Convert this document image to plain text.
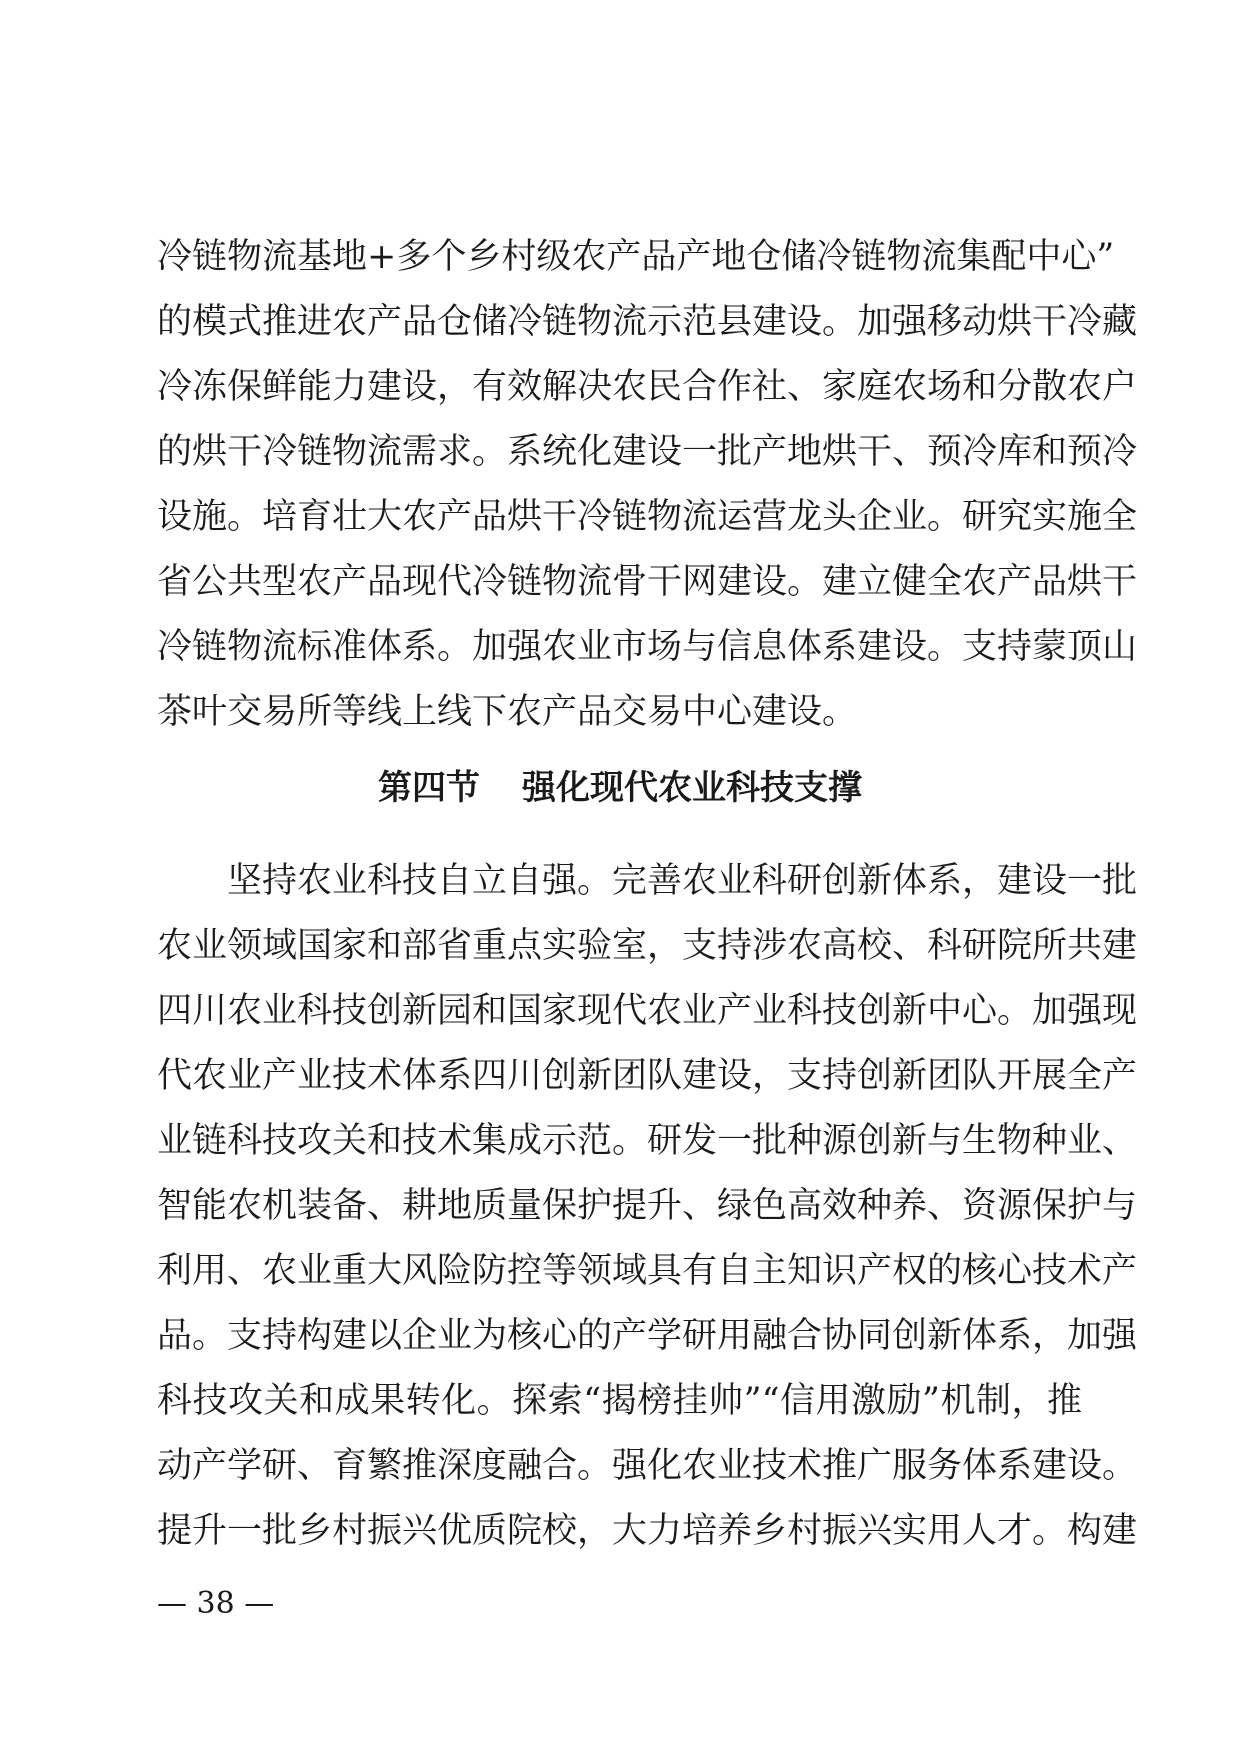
冷链物流基地+多个乡村级农产品产地仓储冷链物流集配中心”
的模式推进农产品仓储冷链物流示范县建设。加强移动烘干冷藏
冷冻保鲜能力建设，有效解决农民合作社、家庭农场和分散农户
的烘干冷链物流需求。系统化建设一批产地烘干、预冷库和预冷
设施。培育壮大农产品烘干冷链物流运营龙头企业。研究实施全
省公共型农产品现代冷链物流骨干网建设。建立健全农产品烘干
冷链物流标准体系。加强农业市场与信息体系建设。支持蒙顶山
茶叶交易所等线上线下农产品交易中心建设。
第四节 强化现代农业科技支撑
　　坚持农业科技自立自强。完善农业科研创新体系，建设一批
农业领域国家和部省重点实验室，支持涉农高校、科研院所共建
四川农业科技创新园和国家现代农业产业科技创新中心。加强现
代农业产业技术体系四川创新团队建设，支持创新团队开展全产
业链科技攻关和技术集成示范。研发一批种源创新与生物种业、
智能农机装备、耕地质量保护提升、绿色高效种养、资源保护与
利用、农业重大风险防控等领域具有自主知识产权的核心技术产
品。支持构建以企业为核心的产学研用融合协同创新体系，加强
科技攻关和成果转化。探索“揭榜挂帅”“信用激励”机制，推
动产学研、育繁推深度融合。强化农业技术推广服务体系建设。
提升一批乡村振兴优质院校，大力培养乡村振兴实用人才。构建
— 38 —
